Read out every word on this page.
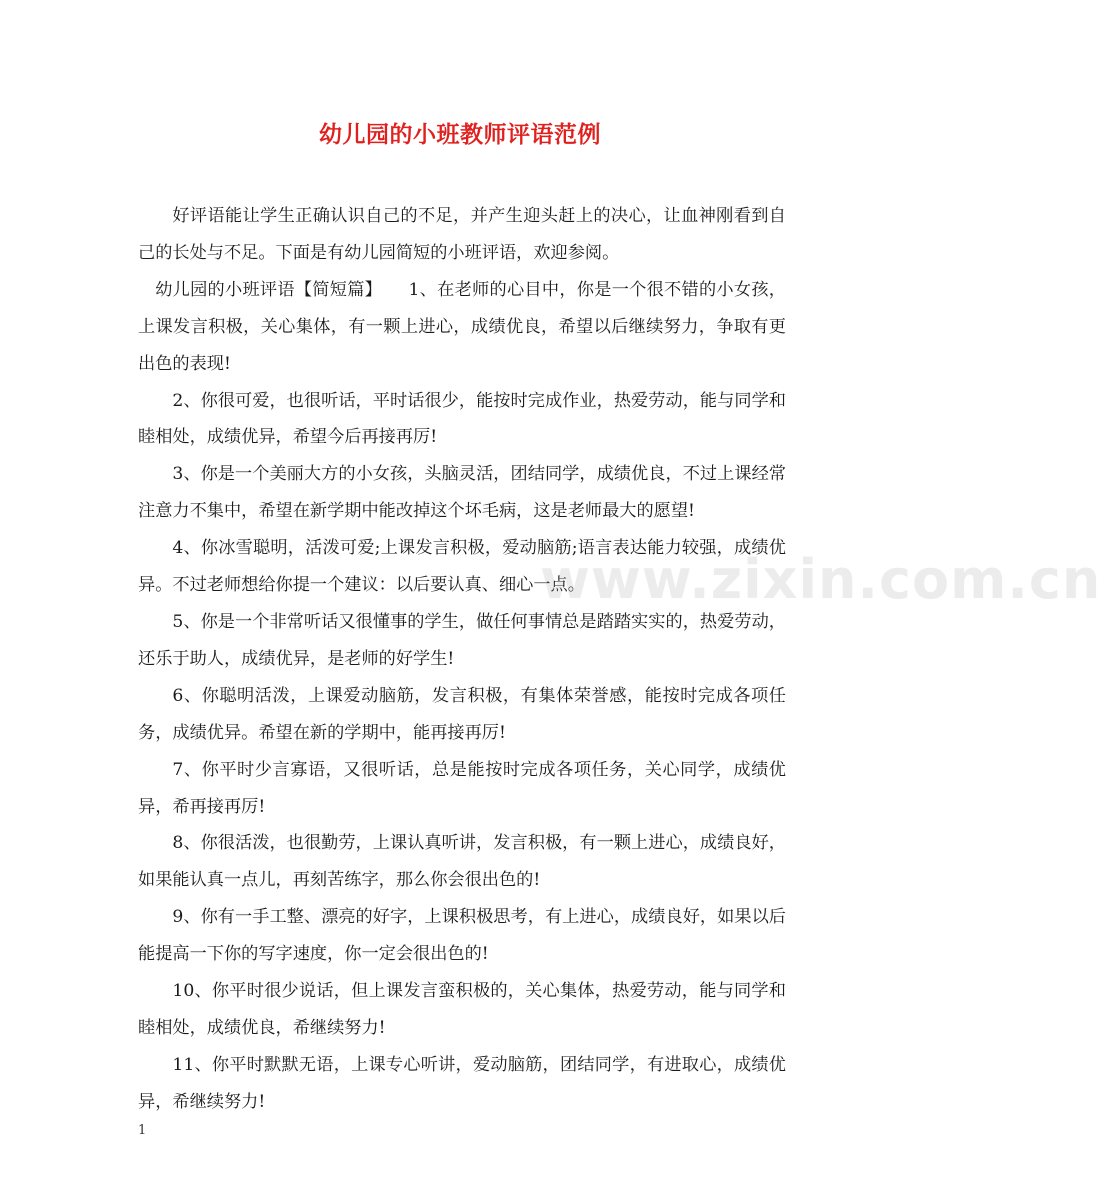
幼儿园的小班教师评语范例

好评语能让学生正确认识自己的不足，并产生迎头赶上的决心，让血神刚看到自己的长处与不足。下面是有幼儿园简短的小班评语，欢迎参阅。

幼儿园的小班评语【简短篇】　　1、在老师的心目中，你是一个很不错的小女孩，上课发言积极，关心集体，有一颗上进心，成绩优良，希望以后继续努力，争取有更出色的表现!

2、你很可爱，也很听话，平时话很少，能按时完成作业，热爱劳动，能与同学和睦相处，成绩优异，希望今后再接再厉!

3、你是一个美丽大方的小女孩，头脑灵活，团结同学，成绩优良，不过上课经常注意力不集中，希望在新学期中能改掉这个坏毛病，这是老师最大的愿望!

4、你冰雪聪明，活泼可爱;上课发言积极，爱动脑筋;语言表达能力较强，成绩优异。不过老师想给你提一个建议：以后要认真、细心一点。

5、你是一个非常听话又很懂事的学生，做任何事情总是踏踏实实的，热爱劳动，还乐于助人，成绩优异，是老师的好学生!

6、你聪明活泼，上课爱动脑筋，发言积极，有集体荣誉感，能按时完成各项任务，成绩优异。希望在新的学期中，能再接再厉!

7、你平时少言寡语，又很听话，总是能按时完成各项任务，关心同学，成绩优异，希再接再厉!

8、你很活泼，也很勤劳，上课认真听讲，发言积极，有一颗上进心，成绩良好，如果能认真一点儿，再刻苦练字，那么你会很出色的!

9、你有一手工整、漂亮的好字，上课积极思考，有上进心，成绩良好，如果以后能提高一下你的写字速度，你一定会很出色的!

10、你平时很少说话，但上课发言蛮积极的，关心集体，热爱劳动，能与同学和睦相处，成绩优良，希继续努力!

11、你平时默默无语，上课专心听讲，爱动脑筋，团结同学，有进取心，成绩优异，希继续努力!

www.zixin.com.cn
1
